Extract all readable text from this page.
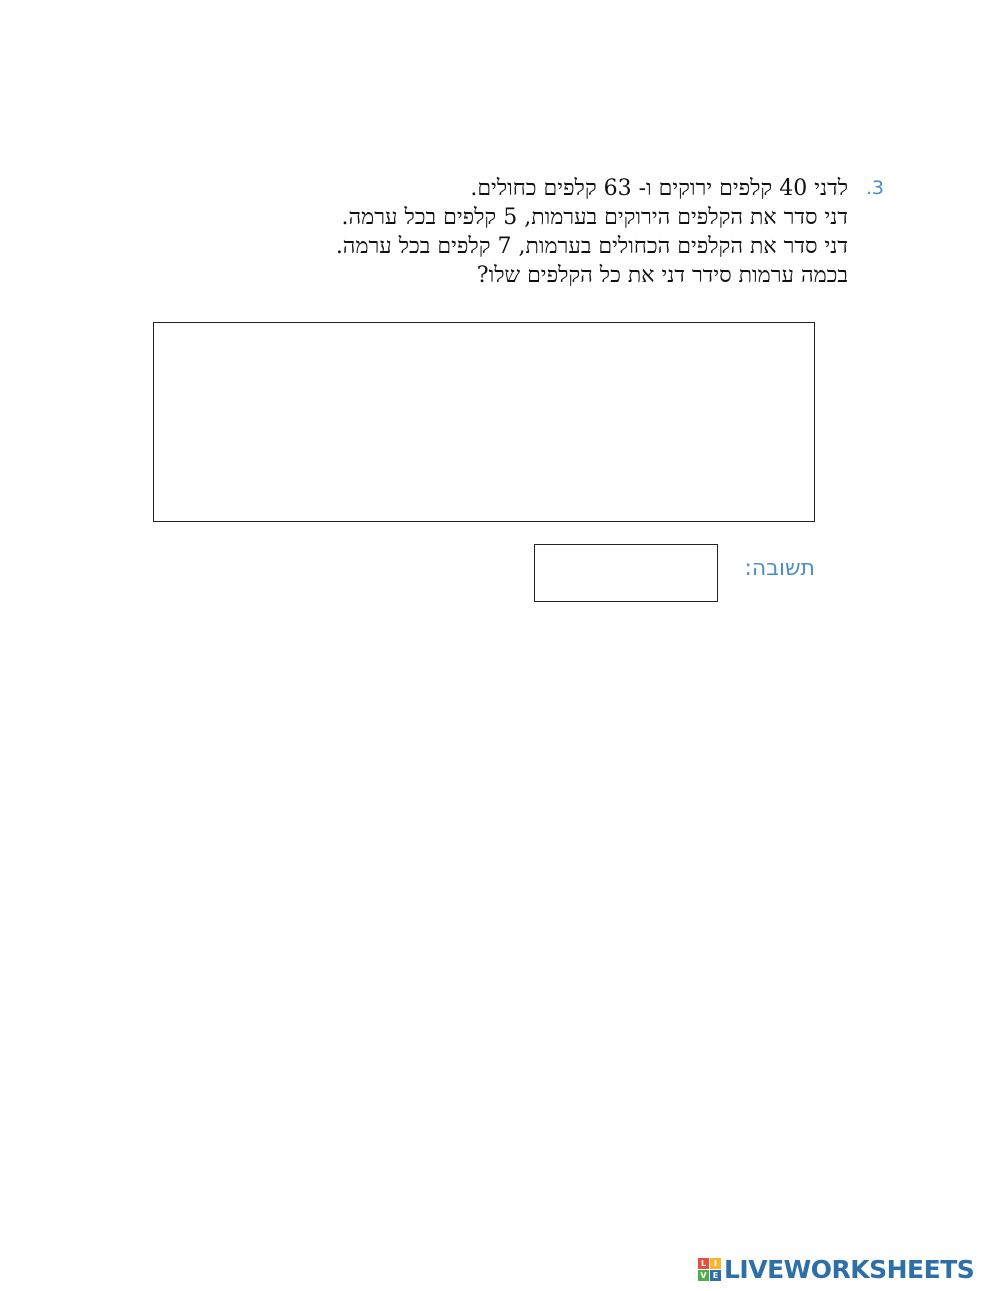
3.
לדני 40 קלפים ירוקים ו- 63 קלפים כחולים.
דני סדר את הקלפים הירוקים בערמות, 5 קלפים בכל ערמה.
דני סדר את הקלפים הכחולים בערמות, 7 קלפים בכל ערמה.
בכמה ערמות סידר דני את כל הקלפים שלו?
תשובה:
L I
V E LIVEWORKSHEETS
